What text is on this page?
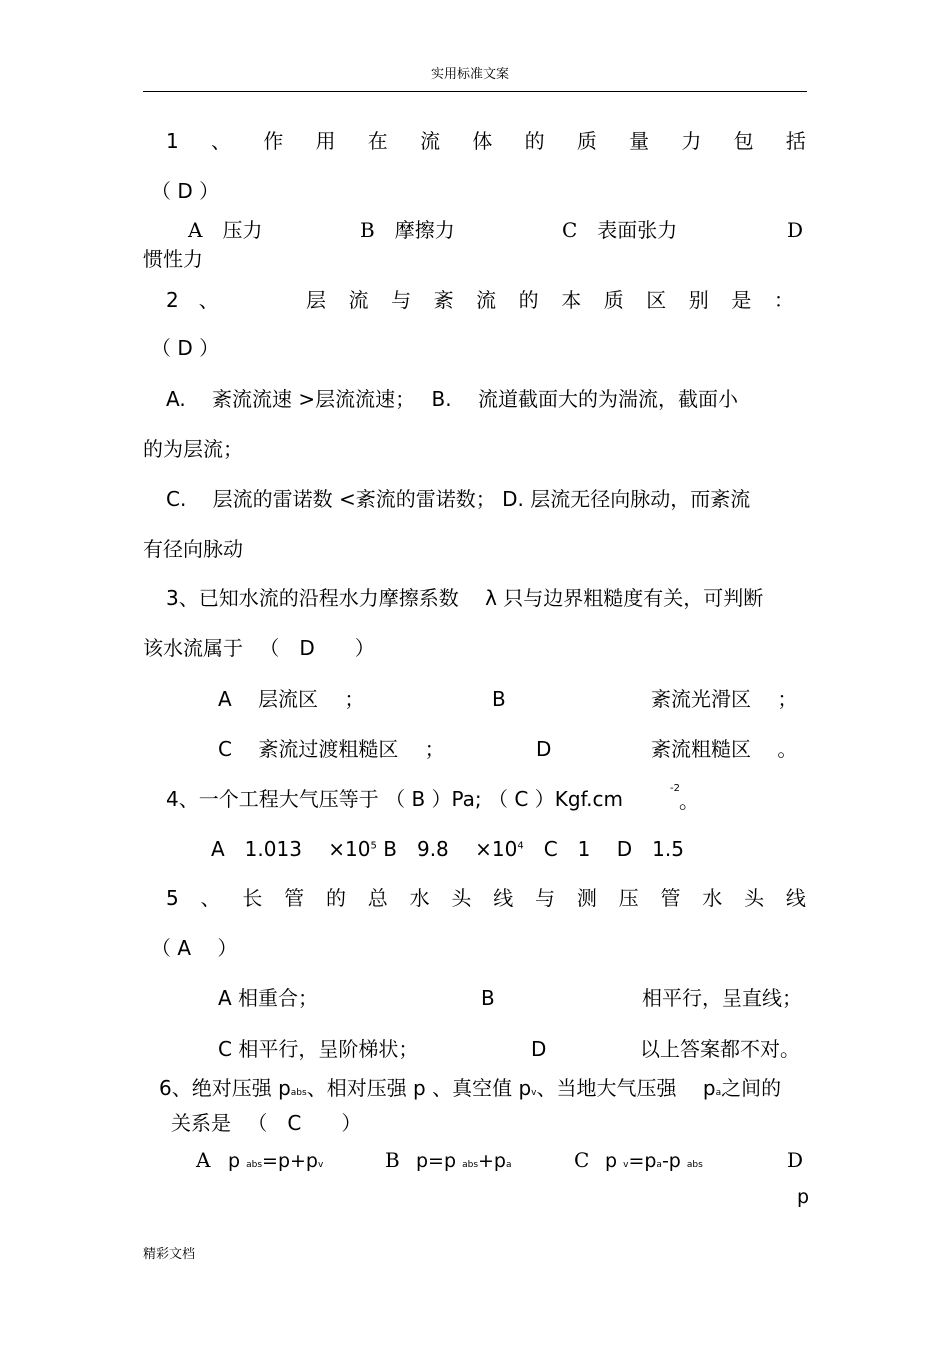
实用标准文案
1 、 作 用 在 流 体 的 质 量 力 包 括
（ D ）
A　压力	B　摩擦力	C　表面张力	D
惯性力
2　 、	层 流 与 紊 流 的 本 质 区 别 是 ：
（ D ）
A.　 紊流流速 >层流流速；　 B.　 流道截面大的为湍流，截面小
的为层流；
C.　 层流的雷诺数 <紊流的雷诺数； D. 层流无径向脉动，而紊流
有径向脉动
3、已知水流的沿程水力摩擦系数 　λ 只与边界粗糙度有关，可判断
该水流属于 　（　D　　）
A　 层流区　 ；	B	紊流光滑区　 ；
C　 紊流过渡粗糙区　 ；	D	紊流粗糙区　 。
4、一个工程大气压等于 （ B ）Pa; （ C ）Kgf.cm	-2
。
A　1.013 　$\times 10^5$ B　9.8 　$\times 10^4$　C　1　 D　1.5
5 、 长 管 的 总 水 头 线 与 测 压 管 水 头 线
（ A 　）
A 相重合；	B	相平行，呈直线；
C 相平行，呈阶梯状；	D	以上答案都不对。
6、绝对压强 pabs、相对压强 p 、真空值 pv、当地大气压强 　pa之间的
关系是 　（　C　　）
A p abs=p+pv	B p=p abs+pa	C p v=pa-p abs	D
p
精彩文档
